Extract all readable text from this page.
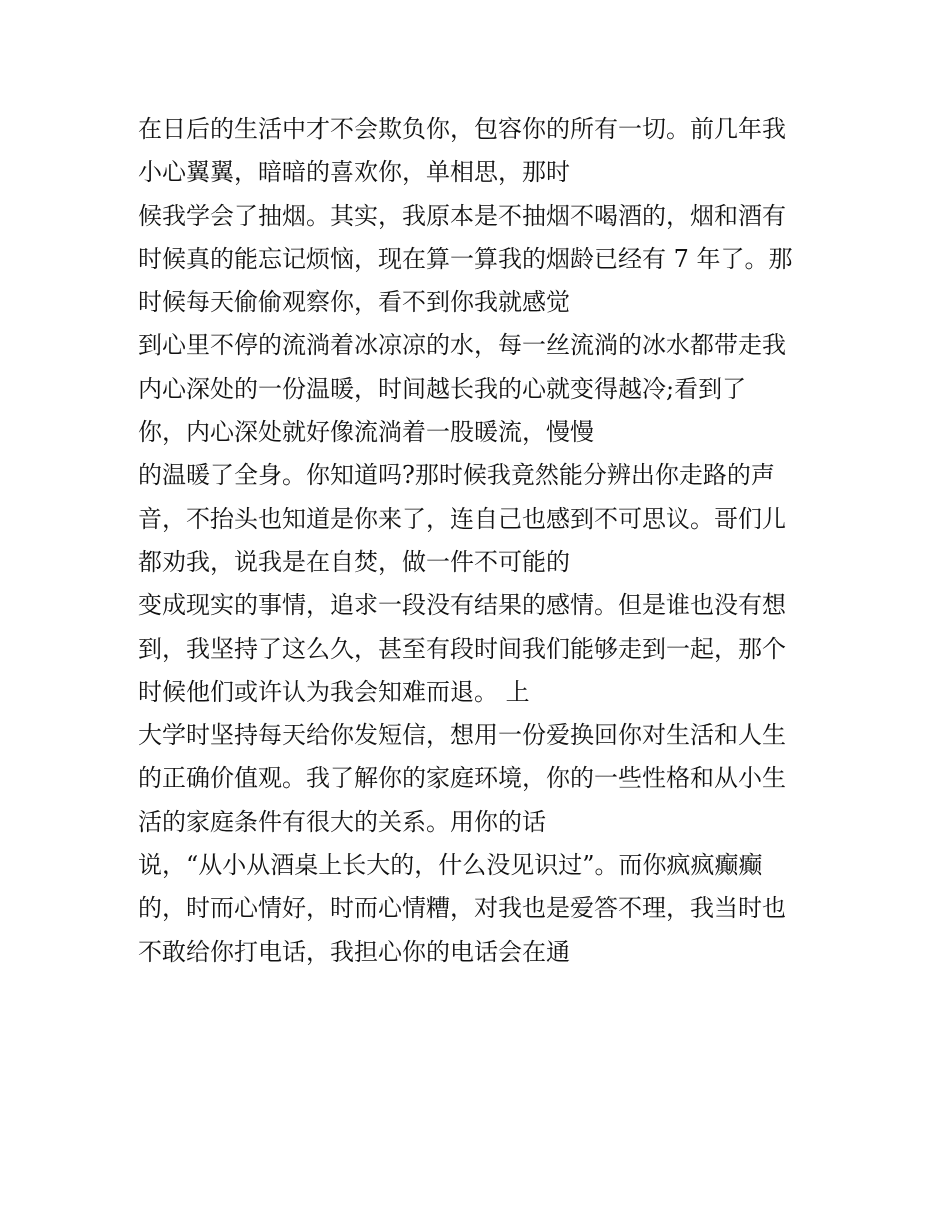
在日后的生活中才不会欺负你，包容你的所有一切。前几年我
小心翼翼，暗暗的喜欢你，单相思，那时
候我学会了抽烟。其实，我原本是不抽烟不喝酒的，烟和酒有
时候真的能忘记烦恼，现在算一算我的烟龄已经有 7 年了。那
时候每天偷偷观察你，看不到你我就感觉
到心里不停的流淌着冰凉凉的水，每一丝流淌的冰水都带走我
内心深处的一份温暖，时间越长我的心就变得越冷;看到了
你，内心深处就好像流淌着一股暖流，慢慢
的温暖了全身。你知道吗?那时候我竟然能分辨出你走路的声
音，不抬头也知道是你来了，连自己也感到不可思议。哥们儿
都劝我，说我是在自焚，做一件不可能的
变成现实的事情，追求一段没有结果的感情。但是谁也没有想
到，我坚持了这么久，甚至有段时间我们能够走到一起，那个
时候他们或许认为我会知难而退。 上
大学时坚持每天给你发短信，想用一份爱换回你对生活和人生
的正确价值观。我了解你的家庭环境，你的一些性格和从小生
活的家庭条件有很大的关系。用你的话
说，“从小从酒桌上长大的，什么没见识过”。而你疯疯癫癫
的，时而心情好，时而心情糟，对我也是爱答不理，我当时也
不敢给你打电话，我担心你的电话会在通
